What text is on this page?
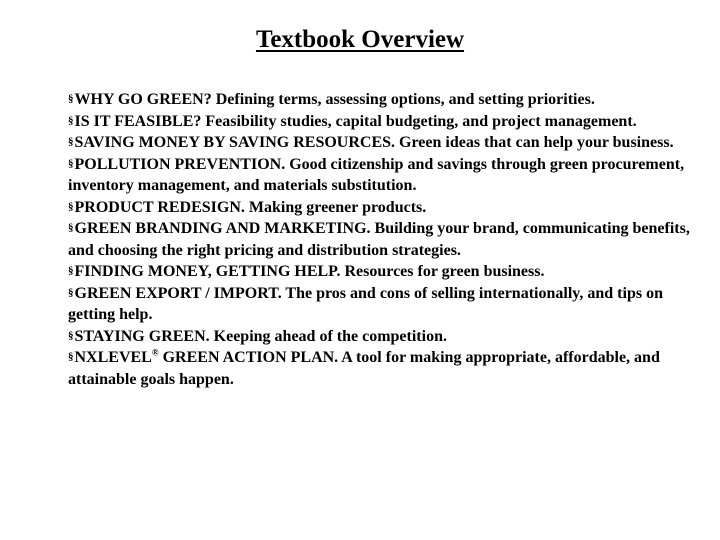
Textbook Overview
§WHY GO GREEN? Defining terms, assessing options, and setting priorities.
§IS IT FEASIBLE? Feasibility studies, capital budgeting, and project management.
§SAVING MONEY BY SAVING RESOURCES. Green ideas that can help your business.
§POLLUTION PREVENTION. Good citizenship and savings through green procurement, inventory management, and materials substitution.
§PRODUCT REDESIGN. Making greener products.
§GREEN BRANDING AND MARKETING. Building your brand, communicating benefits, and choosing the right pricing and distribution strategies.
§FINDING MONEY, GETTING HELP. Resources for green business.
§GREEN EXPORT / IMPORT. The pros and cons of selling internationally, and tips on getting help.
§STAYING GREEN. Keeping ahead of the competition.
§NXLEVEL® GREEN ACTION PLAN. A tool for making appropriate, affordable, and attainable goals happen.
